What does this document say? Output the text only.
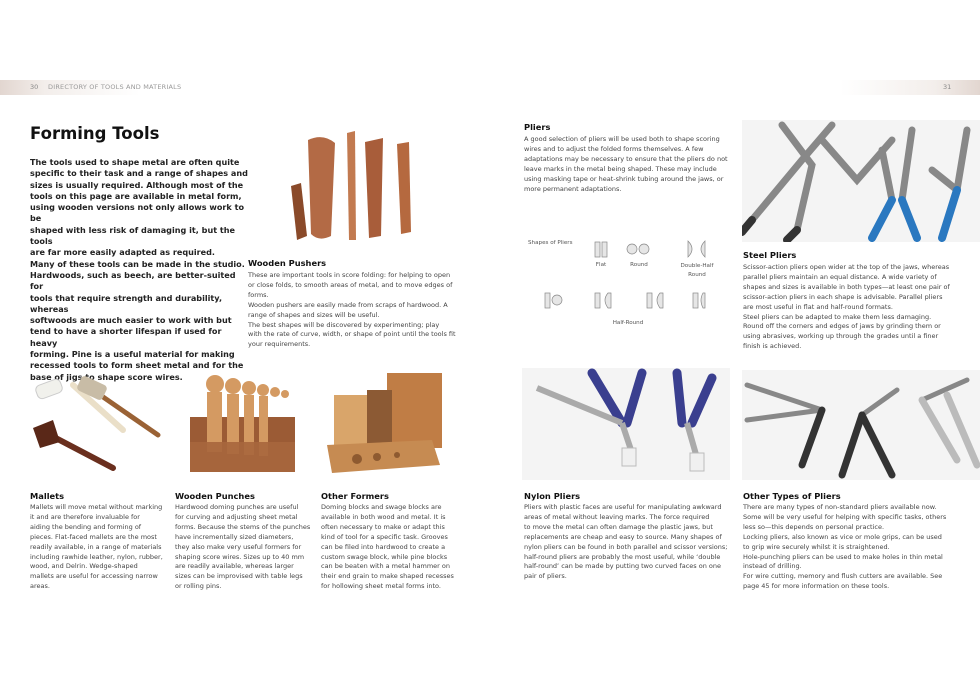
30 DIRECTORY OF TOOLS AND MATERIALS	31
Forming Tools
The tools used to shape metal are often quite
specific to their task and a range of shapes and
sizes is usually required. Although most of the
tools on this page are available in metal form,
using wooden versions not only allows work to be
shaped with less risk of damaging it, but the tools
are far more easily adapted as required.
Many of these tools can be made in the studio.
Hardwoods, such as beech, are better-suited for
tools that require strength and durability, whereas
softwoods are much easier to work with but
tend to have a shorter lifespan if used for heavy
forming. Pine is a useful material for making
recessed tools to form sheet metal and for the
base of jigs to shape score wires.
Wooden Pushers
These are important tools in score folding: for helping to open
or close folds, to smooth areas of metal, and to move edges of
forms.
Wooden pushers are easily made from scraps of hardwood. A
range of shapes and sizes will be useful.
The best shapes will be discovered by experimenting; play
with the rate of curve, width, or shape of point until the tools fit
your requirements.
Pliers
A good selection of pliers will be used both to shape scoring
wires and to adjust the folded forms themselves. A few
adaptations may be necessary to ensure that the pliers do not
leave marks in the metal being shaped. These may include
using masking tape or heat-shrink tubing around the jaws, or
more permanent adaptations.
Shapes of Pliers
Flat	Round	Double-Half
Round
Half-Round
Steel Pliers
Scissor-action pliers open wider at the top of the jaws, whereas
parallel pliers maintain an equal distance. A wide variety of
shapes and sizes is available in both types—at least one pair of
scissor-action pliers in each shape is advisable. Parallel pliers
are most useful in flat and half-round formats.
Steel pliers can be adapted to make them less damaging.
Round off the corners and edges of jaws by grinding them or
using abrasives, working up through the grades until a finer
finish is achieved.
Mallets
Mallets will move metal without marking
it and are therefore invaluable for
aiding the bending and forming of
pieces. Flat-faced mallets are the most
readily available, in a range of materials
including rawhide leather, nylon, rubber,
wood, and Delrin. Wedge-shaped
mallets are useful for accessing narrow
areas.
Wooden Punches
Hardwood doming punches are useful
for curving and adjusting sheet metal
forms. Because the stems of the punches
have incrementally sized diameters,
they also make very useful formers for
shaping score wires. Sizes up to 40 mm
are readily available, whereas larger
sizes can be improvised with table legs
or rolling pins.
Other Formers
Doming blocks and swage blocks are
available in both wood and metal. It is
often necessary to make or adapt this
kind of tool for a specific task. Grooves
can be filed into hardwood to create a
custom swage block, while pine blocks
can be beaten with a metal hammer on
their end grain to make shaped recesses
for hollowing sheet metal forms into.
Nylon Pliers
Pliers with plastic faces are useful for manipulating awkward
areas of metal without leaving marks. The force required
to move the metal can often damage the plastic jaws, but
replacements are cheap and easy to source. Many shapes of
nylon pliers can be found in both parallel and scissor versions;
half-round pliers are probably the most useful, while ‘double
half-round’ can be made by putting two curved faces on one
pair of pliers.
Other Types of Pliers
There are many types of non-standard pliers available now.
Some will be very useful for helping with specific tasks, others
less so—this depends on personal practice.
Locking pliers, also known as vice or mole grips, can be used
to grip wire securely whilst it is straightened.
Hole-punching pliers can be used to make holes in thin metal
instead of drilling.
For wire cutting, memory and flush cutters are available. See
page 45 for more information on these tools.
